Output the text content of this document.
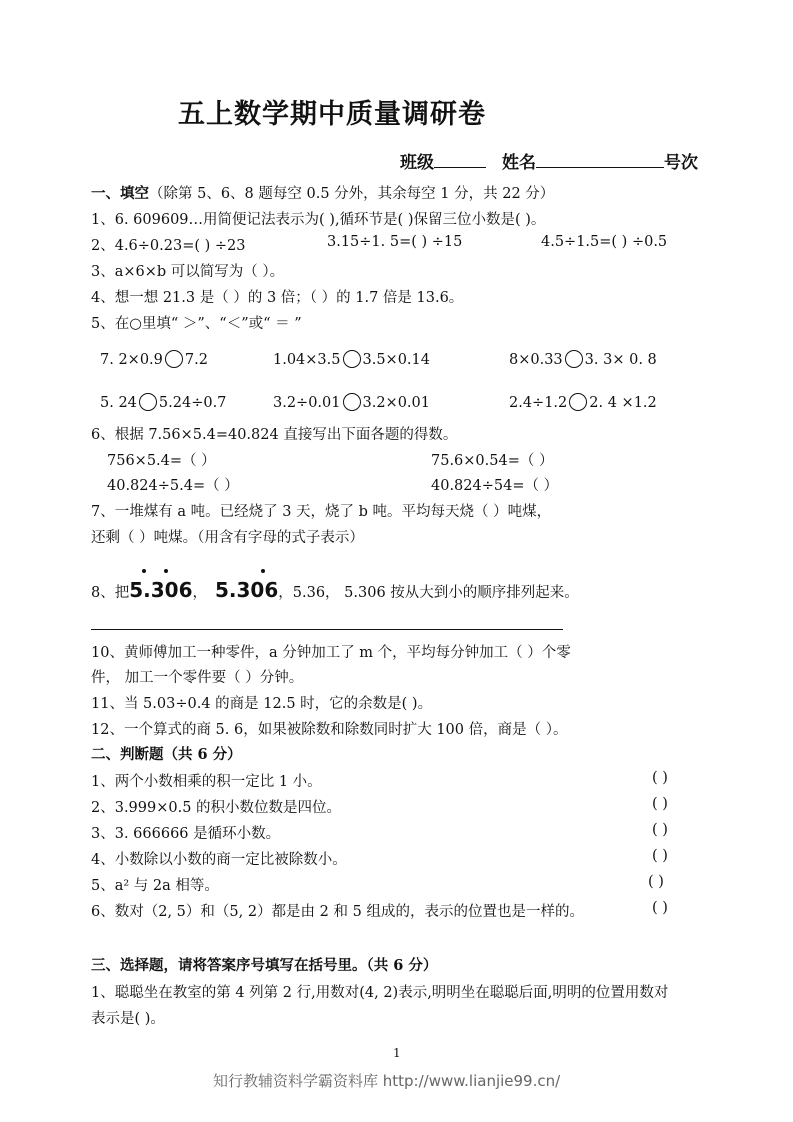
五上数学期中质量调研卷
班级	姓名	号次
一、填空（除第 5、6、8 题每空 0.5 分外，其余每空 1 分，共 22 分）
1、6. 609609…用简便记法表示为( ),循环节是( )保留三位小数是( )。
2、4.6÷0.23=( ) ÷23	3.15÷1. 5=( ) ÷15	4.5÷1.5=( ) ÷0.5
3、a×6×b 可以简写为（ ）。
4、想一想 21.3 是（ ）的 3 倍；（ ）的 1.7 倍是 13.6。
5、在○里填“ ＞”、“＜”或“ ＝ ”
7. 2×0.9 7.2	1.04×3.5 3.5×0.14	8×0.33 3. 3× 0. 8
5. 24 5.24÷0.7	3.2÷0.01 3.2×0.01	2.4÷1.2 2. 4 ×1.2
6、根据 7.56×5.4=40.824 直接写出下面各题的得数。
756×5.4=（ ）	75.6×0.54=（ ）
40.824÷5.4=（ ）	40.824÷54=（ ）
7、一堆煤有 a 吨。已经烧了 3 天，烧了 b 吨。平均每天烧（ ）吨煤，
还剩（ ）吨煤。（用含有字母的式子表示）
8、把5.306
， 5.306
，5.36， 5.306 按从大到小的顺序排列起来。
10、黄师傅加工一种零件，a 分钟加工了 m 个，平均每分钟加工（ ）个零
件， 加工一个零件要（ ）分钟。
11、当 5.03÷0.4 的商是 12.5 时，它的余数是( )。
12、一个算式的商 5. 6，如果被除数和除数同时扩大 100 倍，商是（ ）。
二、判断题（共 6 分）
1、两个小数相乘的积一定比 1 小。	( )
2、3.999×0.5 的积小数位数是四位。	( )
3、3. 666666 是循环小数。	( )
4、小数除以小数的商一定比被除数小。	( )
5、a² 与 2a 相等。	( )
6、数对（2, 5）和（5, 2）都是由 2 和 5 组成的，表示的位置也是一样的。	( )
三、选择题，请将答案序号填写在括号里。（共 6 分）
1、聪聪坐在教室的第 4 列第 2 行,用数对(4, 2)表示,明明坐在聪聪后面,明明的位置用数对
表示是( )。
1
知行教辅资料学霸资料库 http://www.lianjie99.cn/
